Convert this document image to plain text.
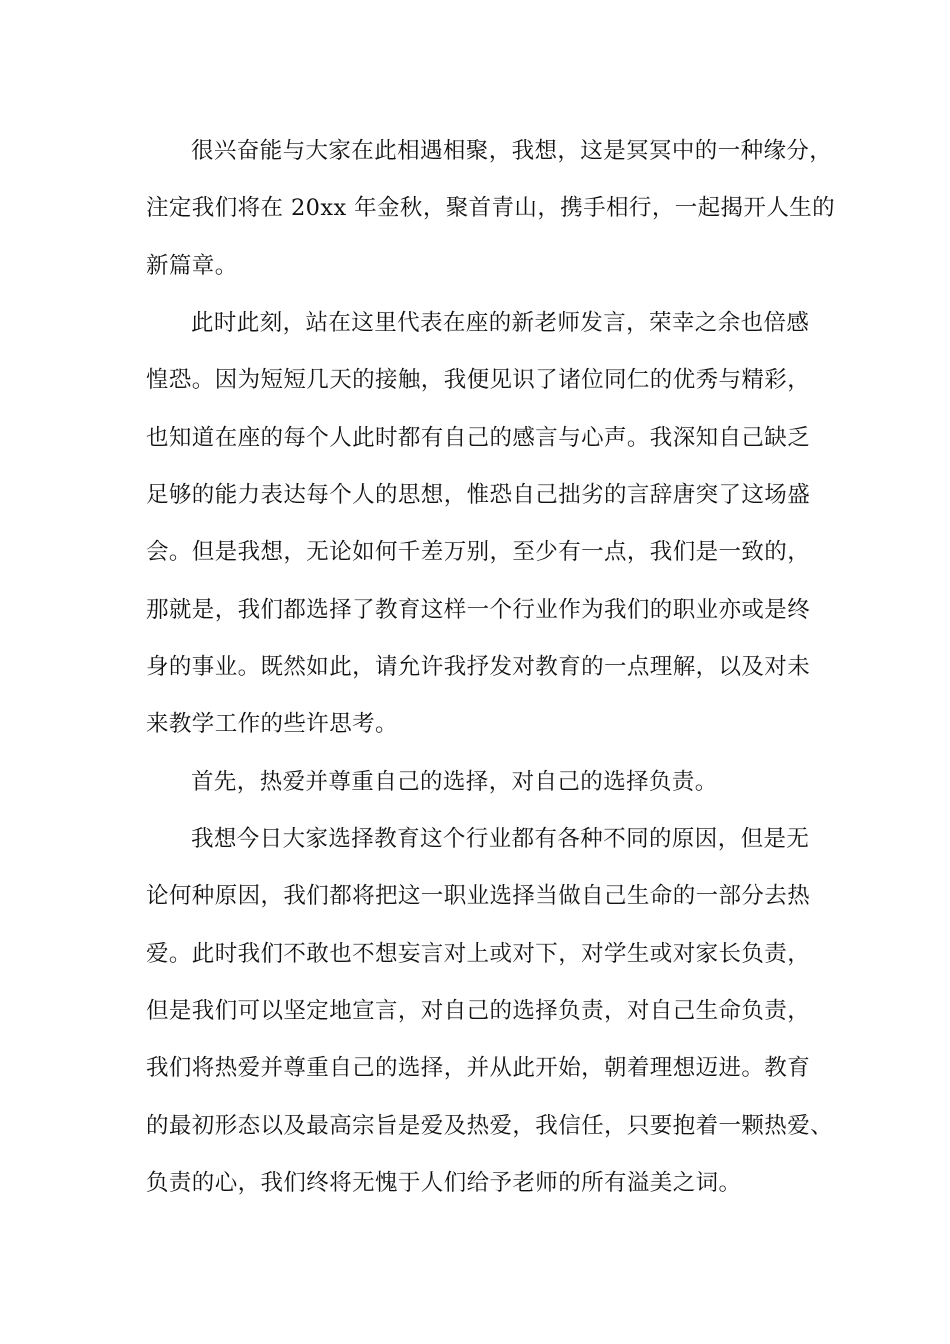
很兴奋能与大家在此相遇相聚，我想，这是冥冥中的一种缘分，
注定我们将在 20xx 年金秋，聚首青山，携手相行，一起揭开人生的
新篇章。
此时此刻，站在这里代表在座的新老师发言，荣幸之余也倍感
惶恐。因为短短几天的接触，我便见识了诸位同仁的优秀与精彩，
也知道在座的每个人此时都有自己的感言与心声。我深知自己缺乏
足够的能力表达每个人的思想，惟恐自己拙劣的言辞唐突了这场盛
会。但是我想，无论如何千差万别，至少有一点，我们是一致的，
那就是，我们都选择了教育这样一个行业作为我们的职业亦或是终
身的事业。既然如此，请允许我抒发对教育的一点理解，以及对未
来教学工作的些许思考。
首先，热爱并尊重自己的选择，对自己的选择负责。
我想今日大家选择教育这个行业都有各种不同的原因，但是无
论何种原因，我们都将把这一职业选择当做自己生命的一部分去热
爱。此时我们不敢也不想妄言对上或对下，对学生或对家长负责，
但是我们可以坚定地宣言，对自己的选择负责，对自己生命负责，
我们将热爱并尊重自己的选择，并从此开始，朝着理想迈进。教育
的最初形态以及最高宗旨是爱及热爱，我信任，只要抱着一颗热爱、
负责的心，我们终将无愧于人们给予老师的所有溢美之词。
